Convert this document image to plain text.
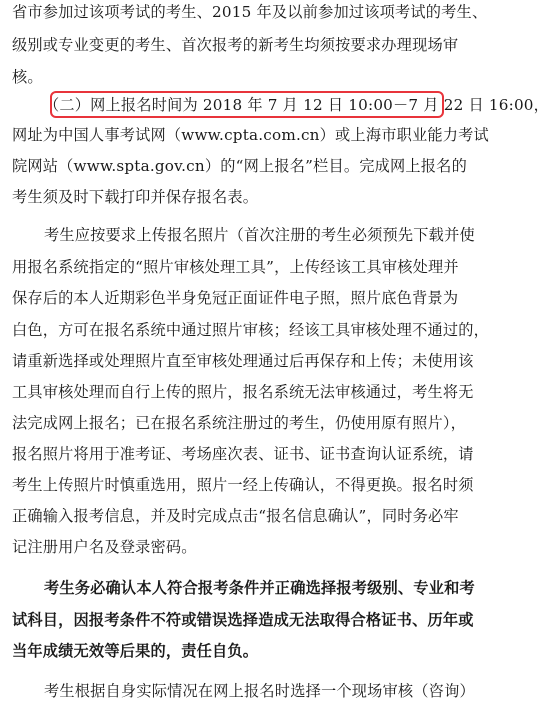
省市参加过该项考试的考生、2015 年及以前参加过该项考试的考生、
级别或专业变更的考生、首次报考的新考生均须按要求办理现场审
核。
（二）网上报名时间为 2018 年 7 月 12 日 10:00－7 月 22 日 16:00，
网址为中国人事考试网（www.cpta.com.cn）或上海市职业能力考试
院网站（www.spta.gov.cn）的“网上报名”栏目。完成网上报名的
考生须及时下载打印并保存报名表。
考生应按要求上传报名照片（首次注册的考生必须预先下载并使
用报名系统指定的“照片审核处理工具”，上传经该工具审核处理并
保存后的本人近期彩色半身免冠正面证件电子照，照片底色背景为
白色，方可在报名系统中通过照片审核；经该工具审核处理不通过的，
请重新选择或处理照片直至审核处理通过后再保存和上传；未使用该
工具审核处理而自行上传的照片，报名系统无法审核通过，考生将无
法完成网上报名；已在报名系统注册过的考生，仍使用原有照片），
报名照片将用于准考证、考场座次表、证书、证书查询认证系统，请
考生上传照片时慎重选用，照片一经上传确认，不得更换。报名时须
正确输入报考信息，并及时完成点击“报名信息确认”，同时务必牢
记注册用户名及登录密码。
考生务必确认本人符合报考条件并正确选择报考级别、专业和考
试科目，因报考条件不符或错误选择造成无法取得合格证书、历年或
当年成绩无效等后果的，责任自负。
考生根据自身实际情况在网上报名时选择一个现场审核（咨询）
